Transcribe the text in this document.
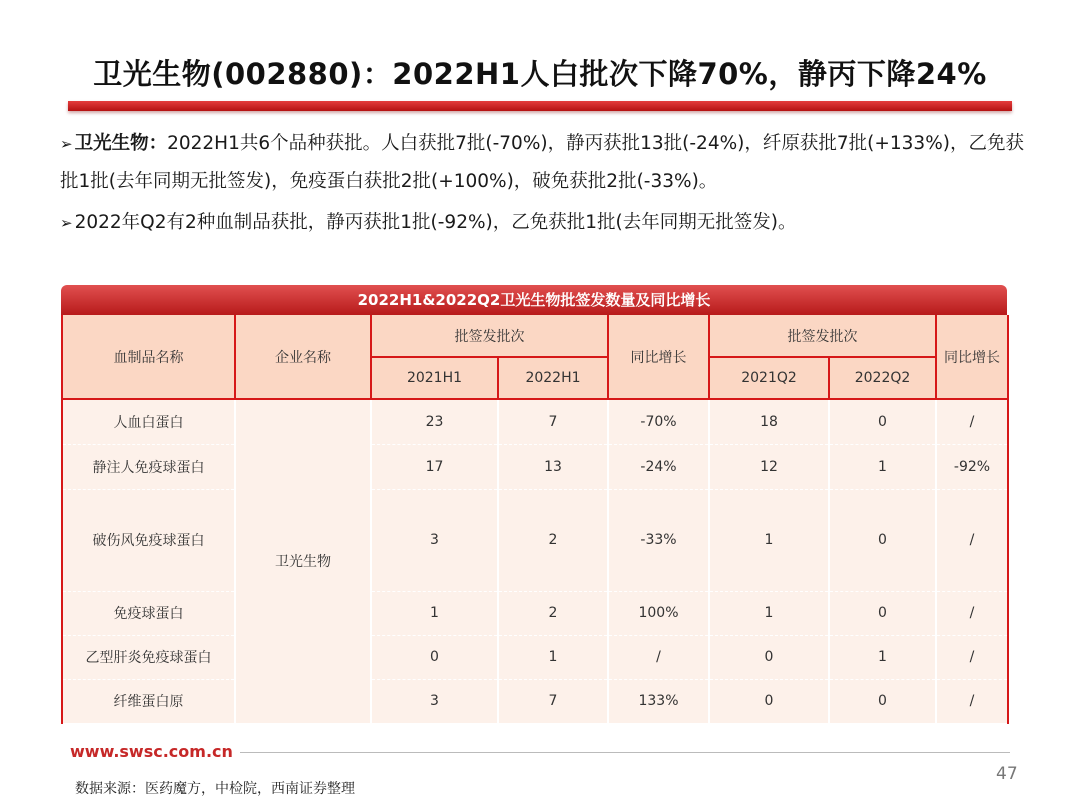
卫光生物(002880)：2022H1人白批次下降70%，静丙下降24%
➢ 卫光生物：2022H1共6个品种获批。人白获批7批(-70%)，静丙获批13批(-24%)，纤原获批7批(+133%)，乙免获批1批(去年同期无批签发)，免疫蛋白获批2批(+100%)，破免获批2批(-33%)。
➢ 2022年Q2有2种血制品获批，静丙获批1批(-92%)，乙免获批1批(去年同期无批签发)。
2022H1&2022Q2卫光生物批签发数量及同比增长
血制品名称	企业名称	批签发批次		同比增长	批签发批次		同比增长
		2021H1	2022H1		2021Q2	2022Q2	
人血白蛋白	卫光生物	23	7	-70%	18	0	/
静注人免疫球蛋白		17	13	-24%	12	1	-92%
破伤风免疫球蛋白		3	2	-33%	1	0	/
免疫球蛋白		1	2	100%	1	0	/
乙型肝炎免疫球蛋白		0	1	/	0	1	/
纤维蛋白原		3	7	133%	0	0	/
www.swsc.com.cn
47
数据来源：医药魔方，中检院，西南证券整理
